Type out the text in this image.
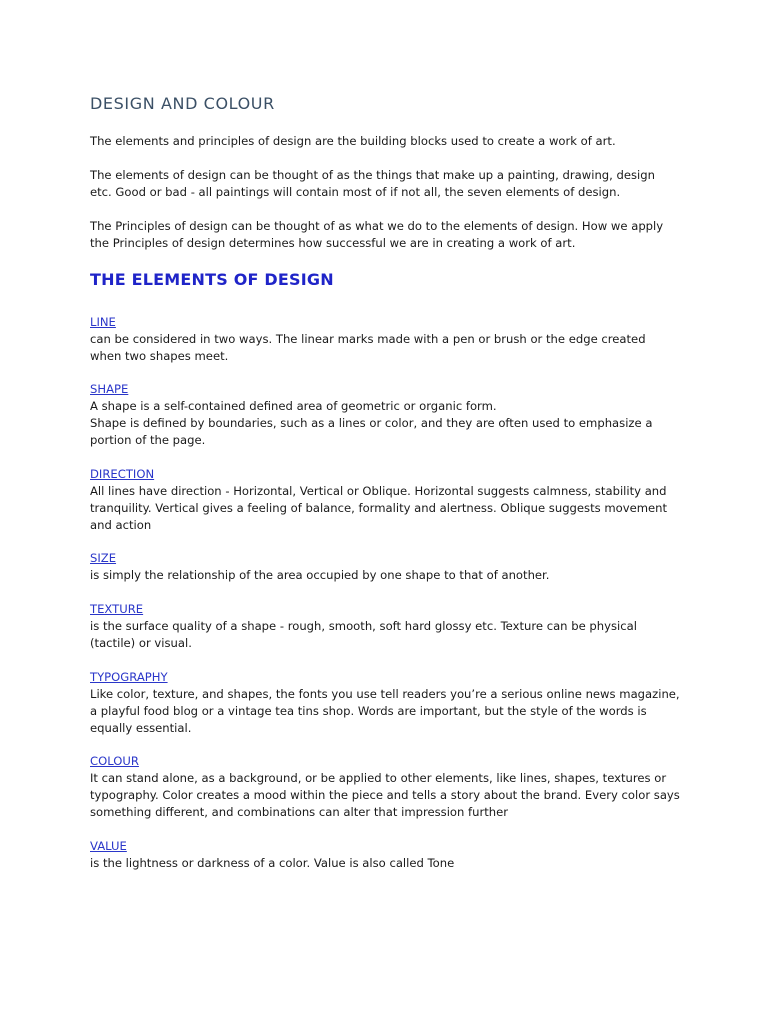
DESIGN AND COLOUR

The elements and principles of design are the building blocks used to create a work of art.

The elements of design can be thought of as the things that make up a painting, drawing, design etc. Good or bad - all paintings will contain most of if not all, the seven elements of design.

The Principles of design can be thought of as what we do to the elements of design. How we apply the Principles of design determines how successful we are in creating a work of art.

THE ELEMENTS OF DESIGN
LINE

can be considered in two ways. The linear marks made with a pen or brush or the edge created when two shapes meet.

SHAPE

A shape is a self-contained defined area of geometric or organic form.
Shape is defined by boundaries, such as a lines or color, and they are often used to emphasize a portion of the page.

DIRECTION

All lines have direction - Horizontal, Vertical or Oblique. Horizontal suggests calmness, stability and tranquility. Vertical gives a feeling of balance, formality and alertness. Oblique suggests movement and action

SIZE

is simply the relationship of the area occupied by one shape to that of another.

TEXTURE

is the surface quality of a shape - rough, smooth, soft hard glossy etc. Texture can be physical (tactile) or visual.

TYPOGRAPHY

Like color, texture, and shapes, the fonts you use tell readers you’re a serious online news magazine, a playful food blog or a vintage tea tins shop. Words are important, but the style of the words is equally essential.

COLOUR

It can stand alone, as a background, or be applied to other elements, like lines, shapes, textures or typography. Color creates a mood within the piece and tells a story about the brand. Every color says something different, and combinations can alter that impression further

VALUE

is the lightness or darkness of a color. Value is also called Tone
